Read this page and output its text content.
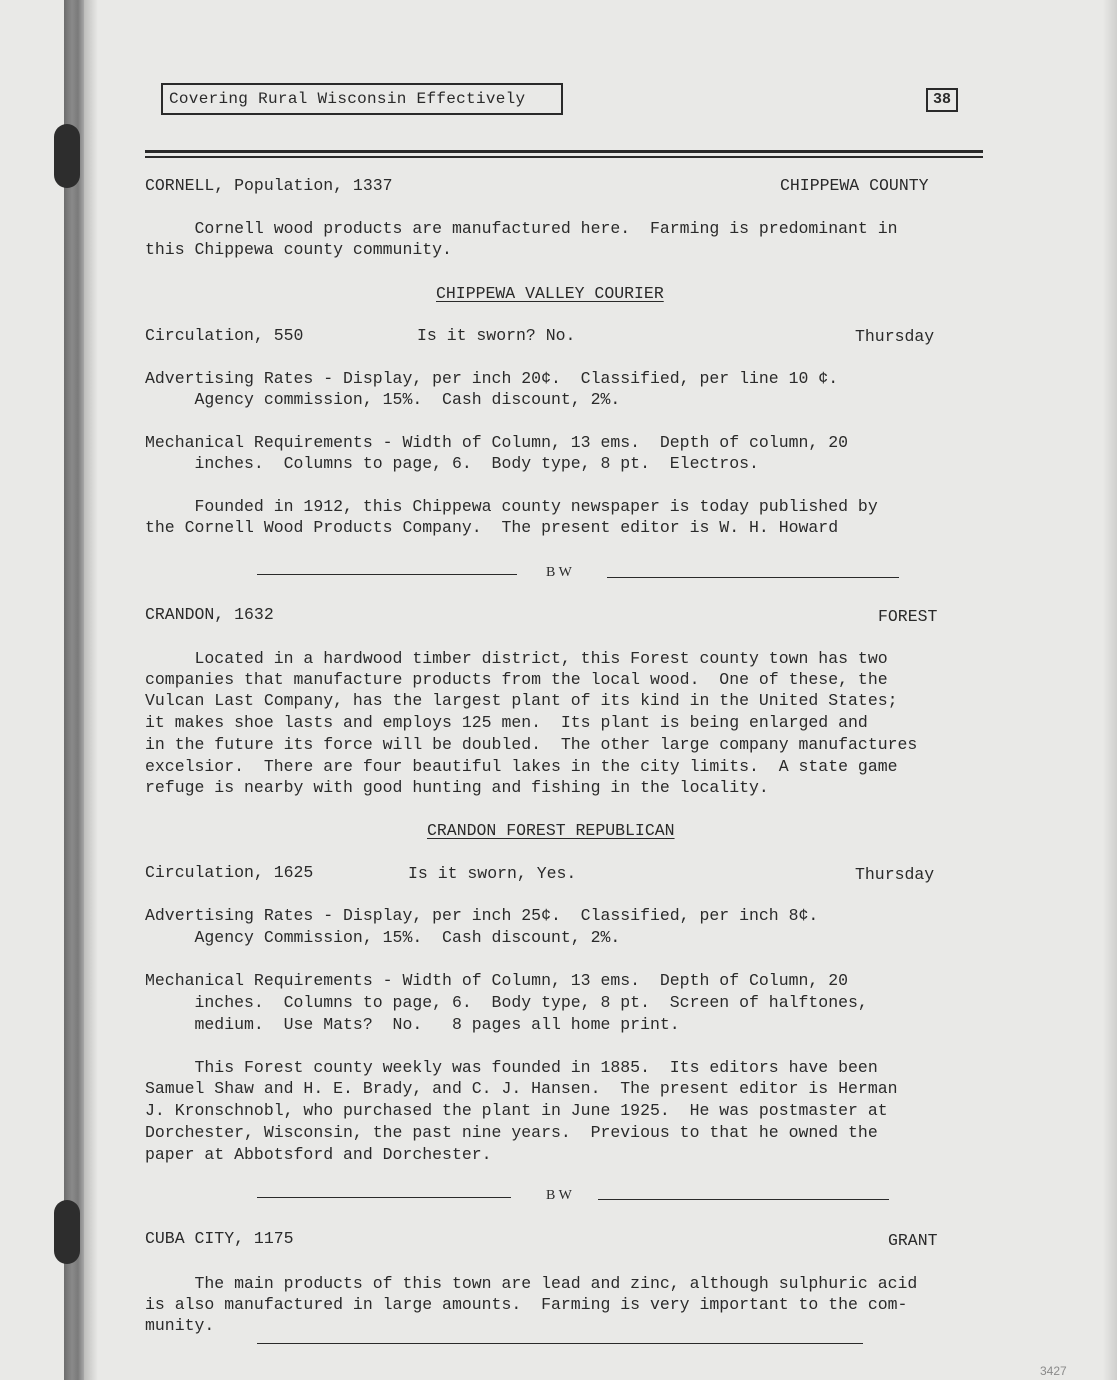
Covering Rural Wisconsin Effectively	38
CORNELL, Population, 1337	CHIPPEWA COUNTY
Cornell wood products are manufactured here.  Farming is predominant in
this Chippewa county community.
CHIPPEWA VALLEY COURIER
Circulation, 550	Is it sworn? No.	Thursday
Advertising Rates - Display, per inch 20¢.  Classified, per line 10 ¢.
Agency commission, 15%.  Cash discount, 2%.
Mechanical Requirements - Width of Column, 13 ems.  Depth of column, 20
inches.  Columns to page, 6.  Body type, 8 pt.  Electros.
Founded in 1912, this Chippewa county newspaper is today published by
the Cornell Wood Products Company.  The present editor is W. H. Howard
B W
CRANDON, 1632	FOREST
Located in a hardwood timber district, this Forest county town has two
companies that manufacture products from the local wood.  One of these, the
Vulcan Last Company, has the largest plant of its kind in the United States;
it makes shoe lasts and employs 125 men.  Its plant is being enlarged and
in the future its force will be doubled.  The other large company manufactures
excelsior.  There are four beautiful lakes in the city limits.  A state game
refuge is nearby with good hunting and fishing in the locality.
CRANDON FOREST REPUBLICAN
Circulation, 1625	Is it sworn, Yes.	Thursday
Advertising Rates - Display, per inch 25¢.  Classified, per inch 8¢.
Agency Commission, 15%.  Cash discount, 2%.
Mechanical Requirements - Width of Column, 13 ems.  Depth of Column, 20
inches.  Columns to page, 6.  Body type, 8 pt.  Screen of halftones,
medium.  Use Mats?  No.   8 pages all home print.
This Forest county weekly was founded in 1885.  Its editors have been
Samuel Shaw and H. E. Brady, and C. J. Hansen.  The present editor is Herman
J. Kronschnobl, who purchased the plant in June 1925.  He was postmaster at
Dorchester, Wisconsin, the past nine years.  Previous to that he owned the
paper at Abbotsford and Dorchester.
B W
CUBA CITY, 1175	GRANT
The main products of this town are lead and zinc, although sulphuric acid
is also manufactured in large amounts.  Farming is very important to the com-
munity.
3427
